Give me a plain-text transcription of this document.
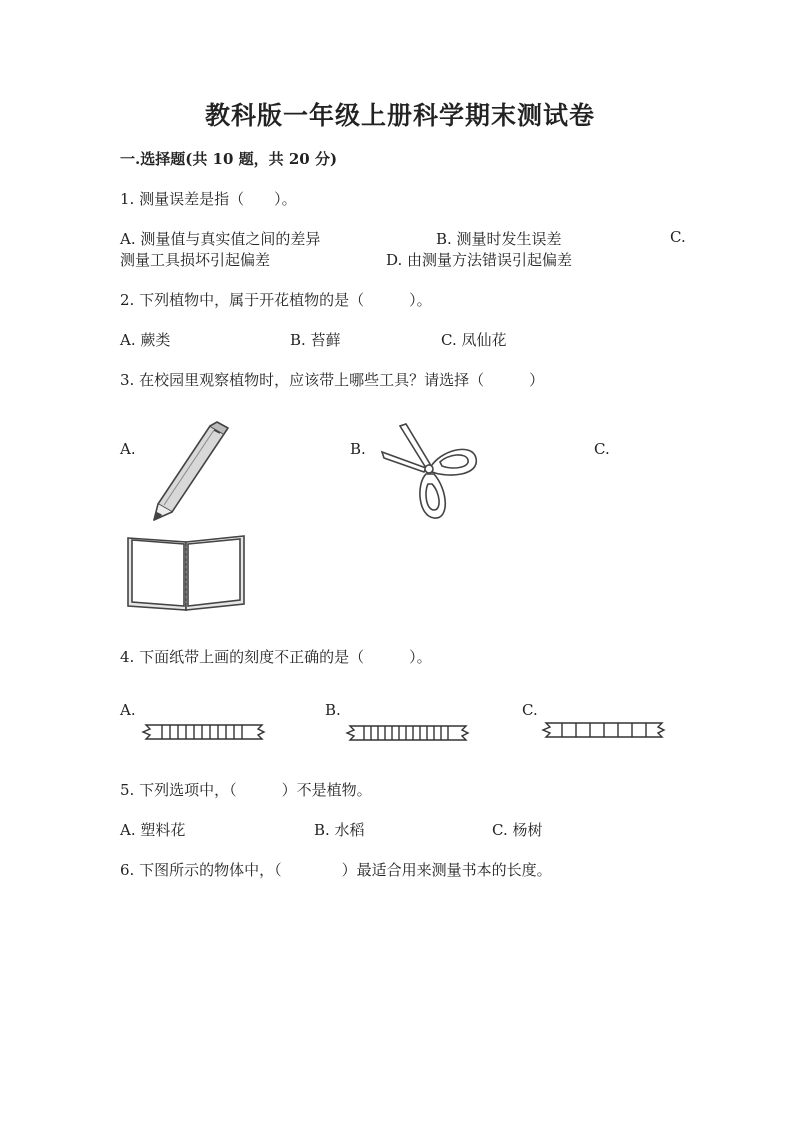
教科版一年级上册科学期末测试卷
一.选择题(共 10 题，共 20 分)
1. 测量误差是指（　　）。
A. 测量值与真实值之间的差异	B. 测量时发生误差	C.
测量工具损坏引起偏差	D. 由测量方法错误引起偏差
2. 下列植物中，属于开花植物的是（　　　）。
A. 蕨类	B. 苔藓	C. 凤仙花
3. 在校园里观察植物时，应该带上哪些工具？请选择（　　　）
A.	B.	C.
4. 下面纸带上画的刻度不正确的是（　　　）。
A.	B.	C.
5. 下列选项中，（　　　）不是植物。
A. 塑料花	B. 水稻	C. 杨树
6. 下图所示的物体中，（　　　　）最适合用来测量书本的长度。
